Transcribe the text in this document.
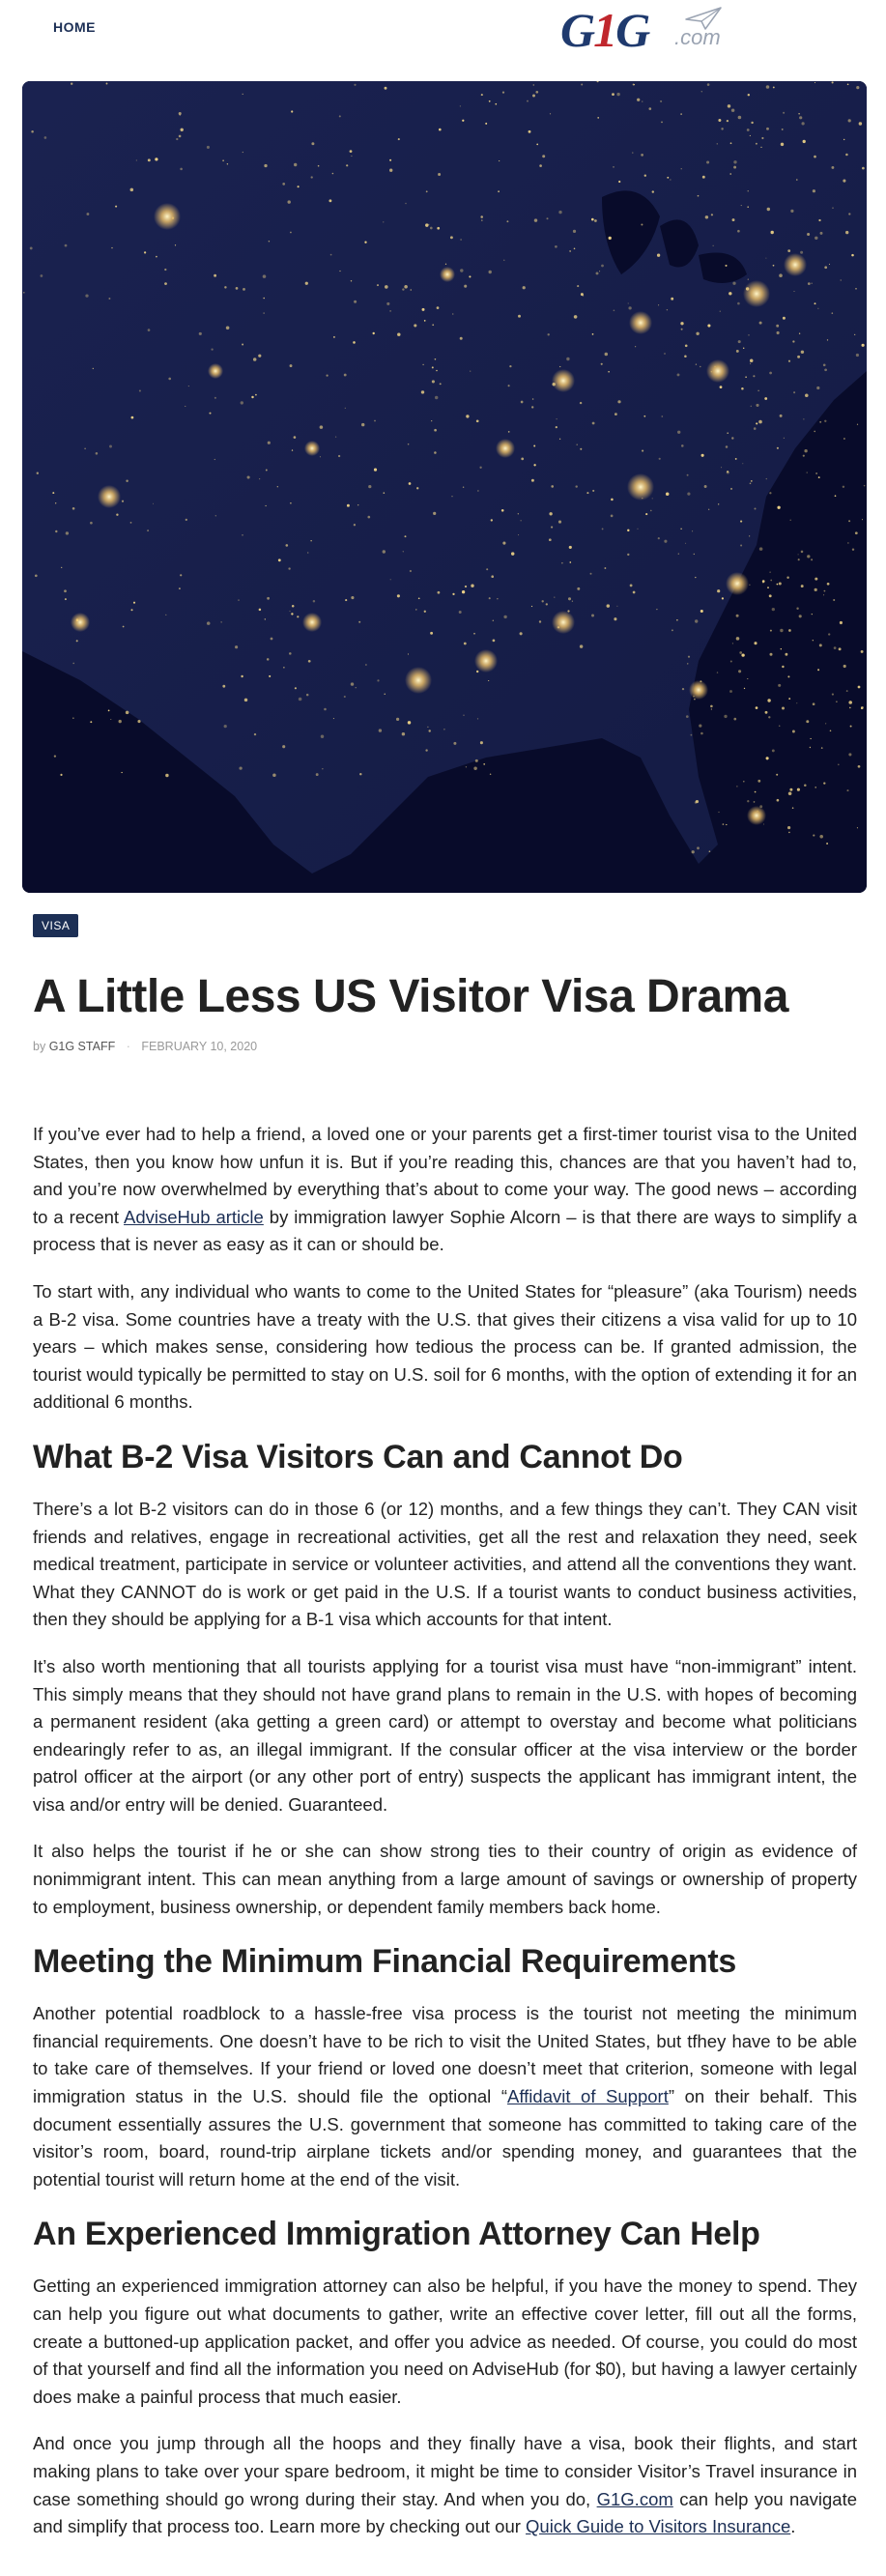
HOME	G1G .com
VISA
A Little Less US Visitor Visa Drama
by G1G STAFF · FEBRUARY 10, 2020

If you’ve ever had to help a friend, a loved one or your parents get a first-timer tourist visa to the United States, then you know how unfun it is. But if you’re reading this, chances are that you haven’t had to, and you’re now overwhelmed by everything that’s about to come your way. The good news – according to a recent AdviseHub article by immigration lawyer Sophie Alcorn – is that there are ways to simplify a process that is never as easy as it can or should be.

To start with, any individual who wants to come to the United States for “pleasure” (aka Tourism) needs a B-2 visa. Some countries have a treaty with the U.S. that gives their citizens a visa valid for up to 10 years – which makes sense, considering how tedious the process can be. If granted admission, the tourist would typically be permitted to stay on U.S. soil for 6 months, with the option of extending it for an additional 6 months.

What B-2 Visa Visitors Can and Cannot Do

There’s a lot B-2 visitors can do in those 6 (or 12) months, and a few things they can’t. They CAN visit friends and relatives, engage in recreational activities, get all the rest and relaxation they need, seek medical treatment, participate in service or volunteer activities, and attend all the conventions they want. What they CANNOT do is work or get paid in the U.S. If a tourist wants to conduct business activities, then they should be applying for a B-1 visa which accounts for that intent.

It’s also worth mentioning that all tourists applying for a tourist visa must have “non-immigrant” intent. This simply means that they should not have grand plans to remain in the U.S. with hopes of becoming a permanent resident (aka getting a green card) or attempt to overstay and become what politicians endearingly refer to as, an illegal immigrant. If the consular officer at the visa interview or the border patrol officer at the airport (or any other port of entry) suspects the applicant has immigrant intent, the visa and/or entry will be denied. Guaranteed.

It also helps the tourist if he or she can show strong ties to their country of origin as evidence of nonimmigrant intent. This can mean anything from a large amount of savings or ownership of property to employment, business ownership, or dependent family members back home.

Meeting the Minimum Financial Requirements

Another potential roadblock to a hassle-free visa process is the tourist not meeting the minimum financial requirements. One doesn’t have to be rich to visit the United States, but tfhey have to be able to take care of themselves. If your friend or loved one doesn’t meet that criterion, someone with legal immigration status in the U.S. should file the optional “Affidavit of Support” on their behalf. This document essentially assures the U.S. government that someone has committed to taking care of the visitor’s room, board, round-trip airplane tickets and/or spending money, and guarantees that the potential tourist will return home at the end of the visit.

An Experienced Immigration Attorney Can Help

Getting an experienced immigration attorney can also be helpful, if you have the money to spend. They can help you figure out what documents to gather, write an effective cover letter, fill out all the forms, create a buttoned-up application packet, and offer you advice as needed. Of course, you could do most of that yourself and find all the information you need on AdviseHub (for $0), but having a lawyer certainly does make a painful process that much easier.

And once you jump through all the hoops and they finally have a visa, book their flights, and start making plans to take over your spare bedroom, it might be time to consider Visitor’s Travel insurance in case something should go wrong during their stay. And when you do, G1G.com can help you navigate and simplify that process too. Learn more by checking out our Quick Guide to Visitors Insurance.
